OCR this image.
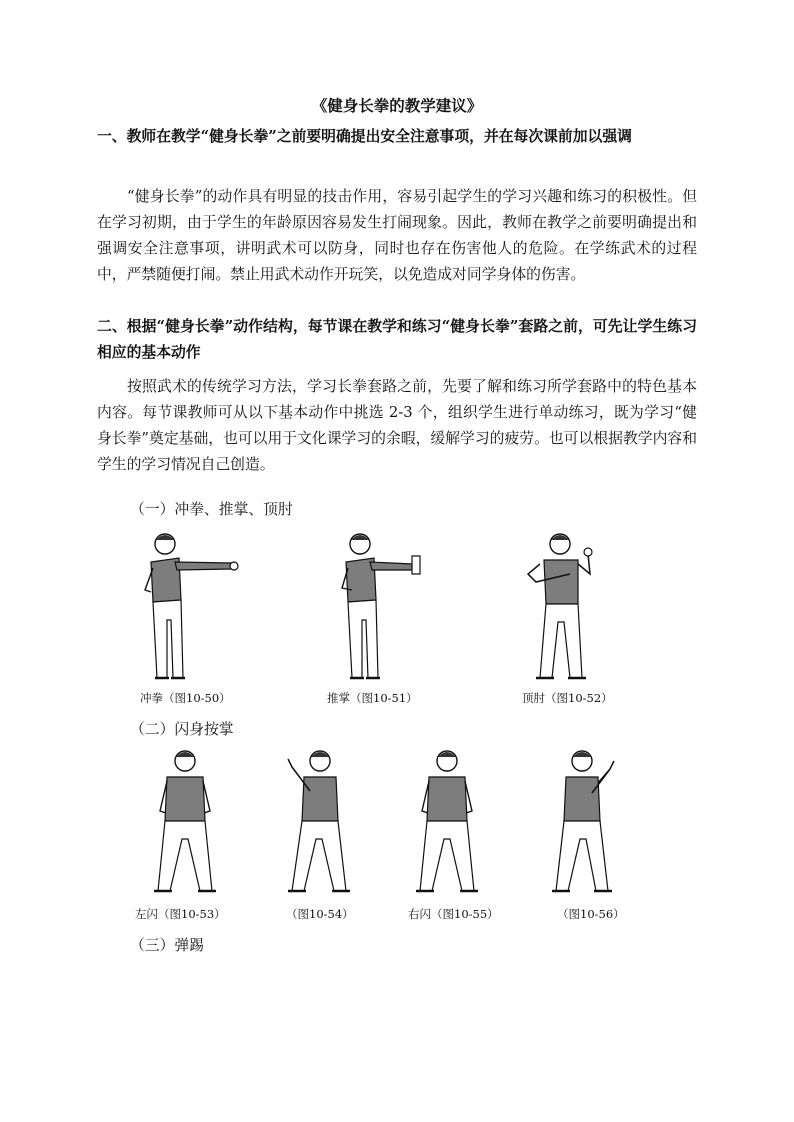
《健身长拳的教学建议》
一、教师在教学“健身长拳”之前要明确提出安全注意事项，并在每次课前加以强调
“健身长拳”的动作具有明显的技击作用，容易引起学生的学习兴趣和练习的积极性。但在学习初期，由于学生的年龄原因容易发生打闹现象。因此，教师在教学之前要明确提出和强调安全注意事项，讲明武术可以防身，同时也存在伤害他人的危险。在学练武术的过程中，严禁随便打闹。禁止用武术动作开玩笑，以免造成对同学身体的伤害。
二、根据“健身长拳”动作结构，每节课在教学和练习“健身长拳”套路之前，可先让学生练习相应的基本动作
按照武术的传统学习方法，学习长拳套路之前，先要了解和练习所学套路中的特色基本内容。每节课教师可从以下基本动作中挑选 2-3 个，组织学生进行单动练习，既为学习“健身长拳”奠定基础，也可以用于文化课学习的余暇，缓解学习的疲劳。也可以根据教学内容和学生的学习情况自己创造。
（一）冲拳、推掌、顶肘
冲拳（图10-50）	推掌（图10-51）	顶肘（图10-52）
（二）闪身按掌
左闪（图10-53）	（图10-54）	右闪（图10-55）	（图10-56）
（三）弹踢
